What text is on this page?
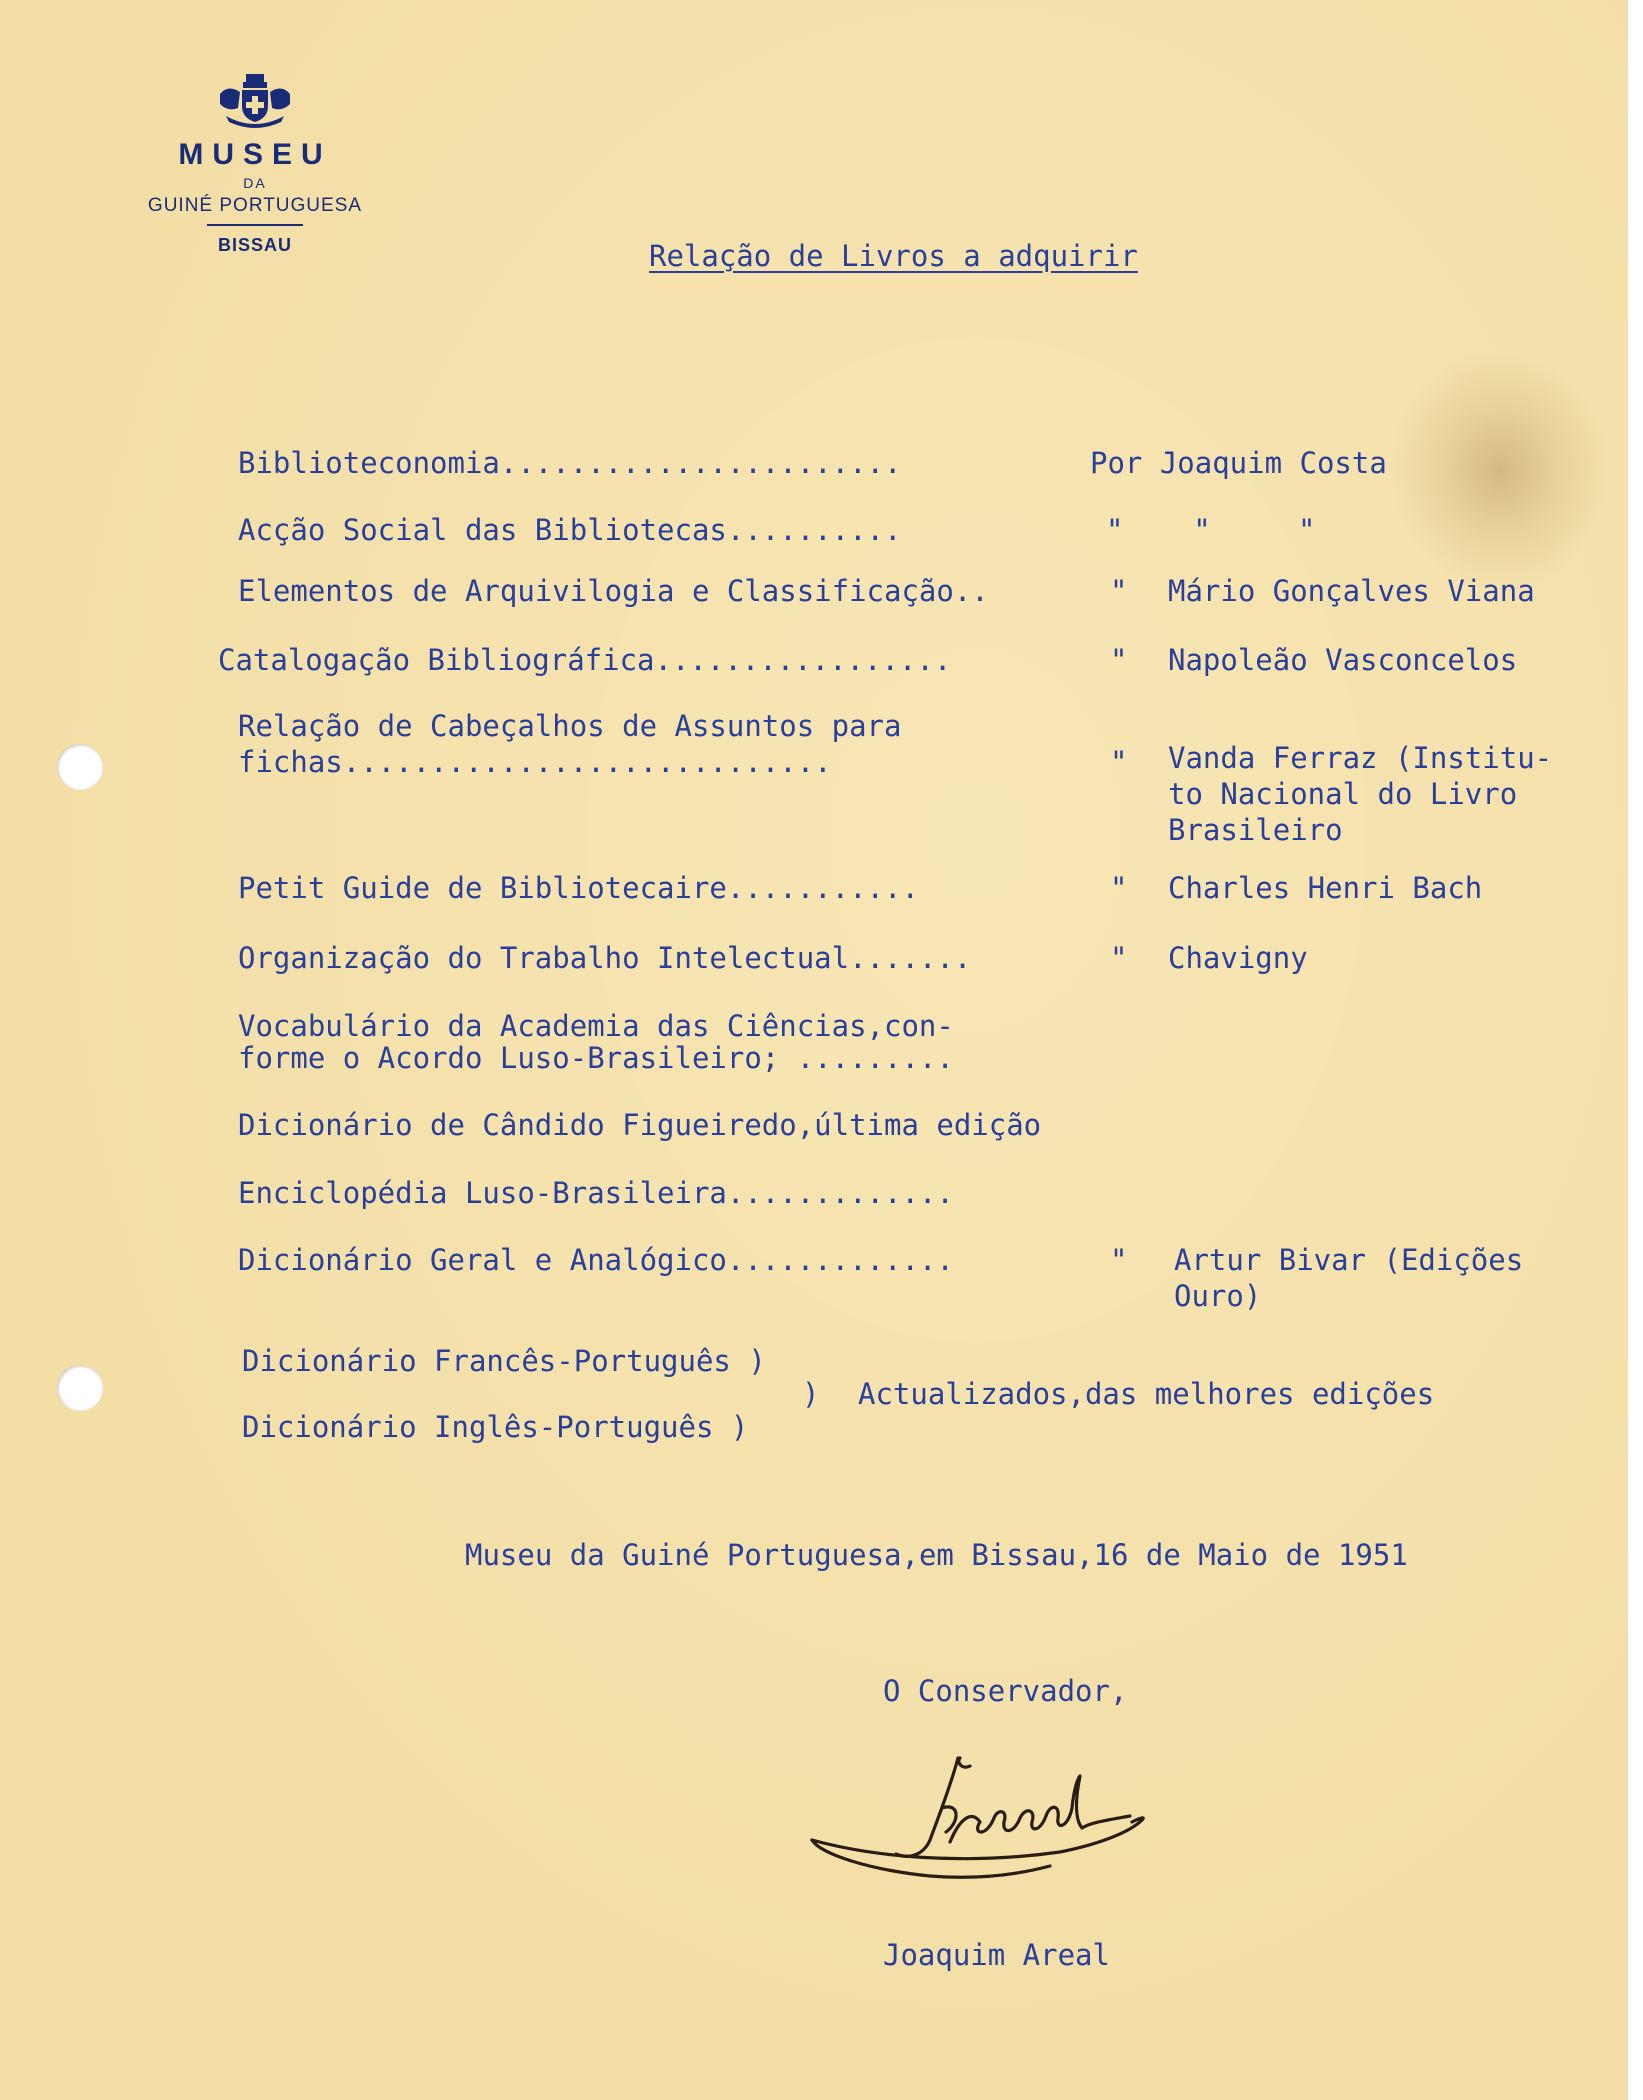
MUSEU
DA
GUINÉ PORTUGUESA
BISSAU	Relação de Livros a adquirir
Biblioteconomia.......................	Por Joaquim Costa
Acção Social das Bibliotecas..........	"    "     "
Elementos de Arquivilogia e Classificação..	" Mário Gonçalves Viana
Catalogação Bibliográfica.................	" Napoleão Vasconcelos
Relação de Cabeçalhos de Assuntos para
fichas............................	" Vanda Ferraz (Institu-
to Nacional do Livro
Brasileiro
Petit Guide de Bibliotecaire...........	" Charles Henri Bach
Organização do Trabalho Intelectual.......	" Chavigny
Vocabulário da Academia das Ciências,con-
forme o Acordo Luso-Brasileiro; .........
Dicionário de Cândido Figueiredo,última edição
Enciclopédia Luso-Brasileira.............
Dicionário Geral e Analógico.............	" Artur Bivar (Edições
Ouro)
Dicionário Francês-Português )
) Actualizados,das melhores edições
Dicionário Inglês-Português )
Museu da Guiné Portuguesa,em Bissau,16 de Maio de 1951
O Conservador,
Joaquim Areal
